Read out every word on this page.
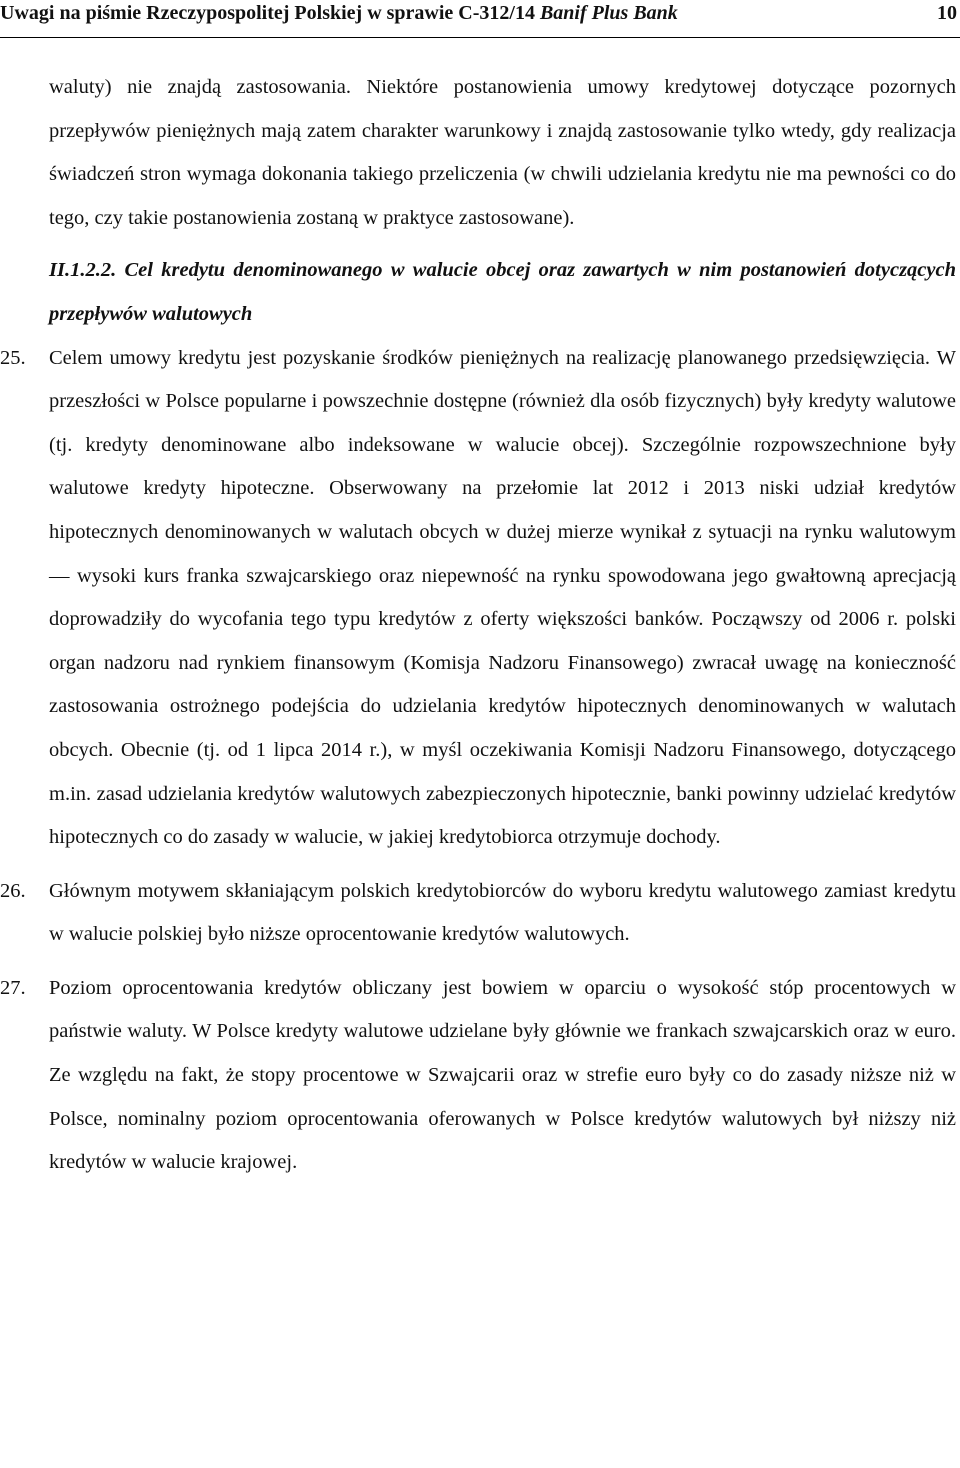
Uwagi na piśmie Rzeczypospolitej Polskiej w sprawie C-312/14 Banif Plus Bank	10

waluty) nie znajdą zastosowania. Niektóre postanowienia umowy kredytowej dotyczące pozornych przepływów pieniężnych mają zatem charakter warunkowy i znajdą zastosowanie tylko wtedy, gdy realizacja świadczeń stron wymaga dokonania takiego przeliczenia (w chwili udzielania kredytu nie ma pewności co do tego, czy takie postanowienia zostaną w praktyce zastosowane).

II.1.2.2. Cel kredytu denominowanego w walucie obcej oraz zawartych w nim postanowień dotyczących przepływów walutowych
25. Celem umowy kredytu jest pozyskanie środków pieniężnych na realizację planowanego przedsięwzięcia. W przeszłości w Polsce popularne i powszechnie dostępne (również dla osób fizycznych) były kredyty walutowe (tj. kredyty denominowane albo indeksowane w walucie obcej). Szczególnie rozpowszechnione były walutowe kredyty hipoteczne. Obserwowany na przełomie lat 2012 i 2013 niski udział kredytów hipotecznych denominowanych w walutach obcych w dużej mierze wynikał z sytuacji na rynku walutowym — wysoki kurs franka szwajcarskiego oraz niepewność na rynku spowodowana jego gwałtowną aprecjacją doprowadziły do wycofania tego typu kredytów z oferty większości banków. Począwszy od 2006 r. polski organ nadzoru nad rynkiem finansowym (Komisja Nadzoru Finansowego) zwracał uwagę na konieczność zastosowania ostrożnego podejścia do udzielania kredytów hipotecznych denominowanych w walutach obcych. Obecnie (tj. od 1 lipca 2014 r.), w myśl oczekiwania Komisji Nadzoru Finansowego, dotyczącego m.in. zasad udzielania kredytów walutowych zabezpieczonych hipotecznie, banki powinny udzielać kredytów hipotecznych co do zasady w walucie, w jakiej kredytobiorca otrzymuje dochody.
26. Głównym motywem skłaniającym polskich kredytobiorców do wyboru kredytu walutowego zamiast kredytu w walucie polskiej było niższe oprocentowanie kredytów walutowych.
27. Poziom oprocentowania kredytów obliczany jest bowiem w oparciu o wysokość stóp procentowych w państwie waluty. W Polsce kredyty walutowe udzielane były głównie we frankach szwajcarskich oraz w euro. Ze względu na fakt, że stopy procentowe w Szwajcarii oraz w strefie euro były co do zasady niższe niż w Polsce, nominalny poziom oprocentowania oferowanych w Polsce kredytów walutowych był niższy niż kredytów w walucie krajowej.
